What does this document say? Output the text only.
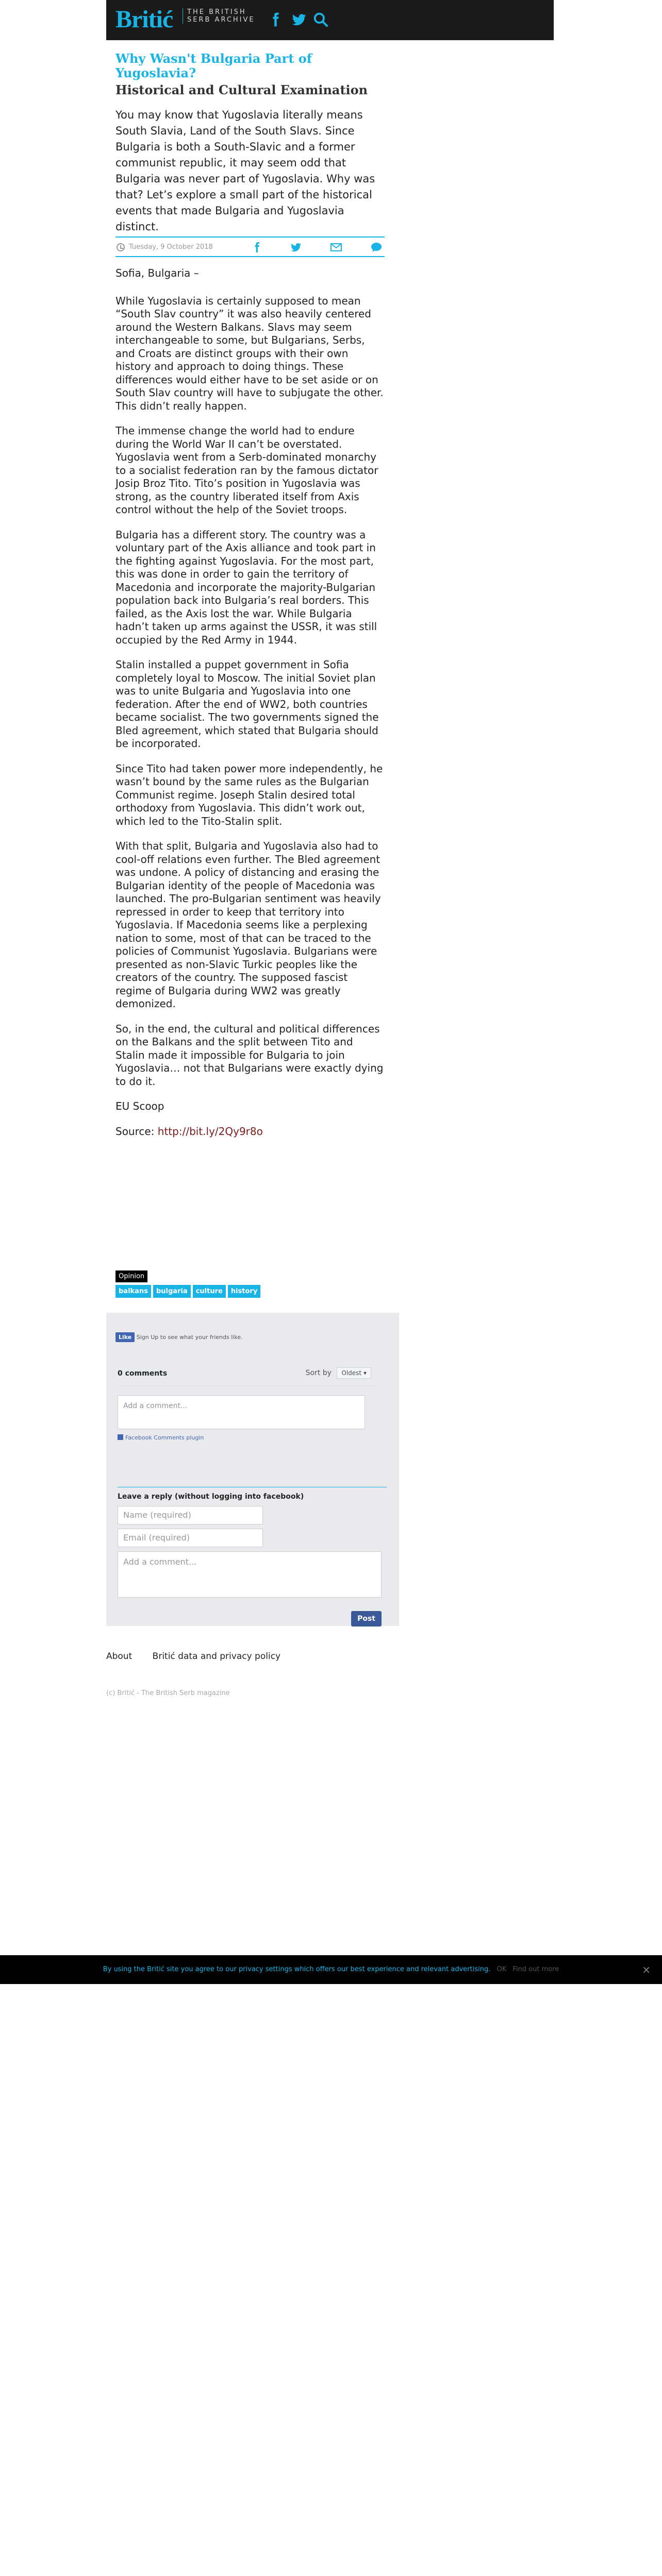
Britić	THE BRITISH SERB ARCHIVE
Why Wasn't Bulgaria Part of Yugoslavia?
Historical and Cultural Examination

You may know that Yugoslavia literally means South Slavia, Land of the South Slavs. Since Bulgaria is both a South-Slavic and a former communist republic, it may seem odd that Bulgaria was never part of Yugoslavia. Why was that? Let’s explore a small part of the historical events that made Bulgaria and Yugoslavia distinct.

Tuesday, 9 October 2018

Sofia, Bulgaria –

While Yugoslavia is certainly supposed to mean “South Slav country” it was also heavily centered around the Western Balkans. Slavs may seem interchangeable to some, but Bulgarians, Serbs, and Croats are distinct groups with their own history and approach to doing things. These differences would either have to be set aside or on South Slav country will have to subjugate the other. This didn’t really happen.

The immense change the world had to endure during the World War II can’t be overstated. Yugoslavia went from a Serb-dominated monarchy to a socialist federation ran by the famous dictator Josip Broz Tito. Tito’s position in Yugoslavia was strong, as the country liberated itself from Axis control without the help of the Soviet troops.

Bulgaria has a different story. The country was a voluntary part of the Axis alliance and took part in the fighting against Yugoslavia. For the most part, this was done in order to gain the territory of Macedonia and incorporate the majority-Bulgarian population back into Bulgaria’s real borders. This failed, as the Axis lost the war. While Bulgaria hadn’t taken up arms against the USSR, it was still occupied by the Red Army in 1944.

Stalin installed a puppet government in Sofia completely loyal to Moscow. The initial Soviet plan was to unite Bulgaria and Yugoslavia into one federation. After the end of WW2, both countries became socialist. The two governments signed the Bled agreement, which stated that Bulgaria should be incorporated.

Since Tito had taken power more independently, he wasn’t bound by the same rules as the Bulgarian Communist regime. Joseph Stalin desired total orthodoxy from Yugoslavia. This didn’t work out, which led to the Tito-Stalin split.

With that split, Bulgaria and Yugoslavia also had to cool-off relations even further. The Bled agreement was undone. A policy of distancing and erasing the Bulgarian identity of the people of Macedonia was launched. The pro-Bulgarian sentiment was heavily repressed in order to keep that territory into Yugoslavia. If Macedonia seems like a perplexing nation to some, most of that can be traced to the policies of Communist Yugoslavia. Bulgarians were presented as non-Slavic Turkic peoples like the creators of the country. The supposed fascist regime of Bulgaria during WW2 was greatly demonized.

So, in the end, the cultural and political differences on the Balkans and the split between Tito and Stalin made it impossible for Bulgaria to join Yugoslavia… not that Bulgarians were exactly dying to do it.

EU Scoop

Source: http://bit.ly/2Qy9r8o

Opinion
balkans bulgaria culture history
Like Sign Up to see what your friends like.
0 comments	Sort by Oldest ▾
Add a comment...
Facebook Comments plugin
Leave a reply (without logging into facebook)
Name (required)
Email (required)
Add a comment...
Post
About Britić data and privacy policy
(c) Britić - The British Serb magazine
By using the Britić site you agree to our privacy settings which offers our best experience and relevant advertising. OK Find out more	×
